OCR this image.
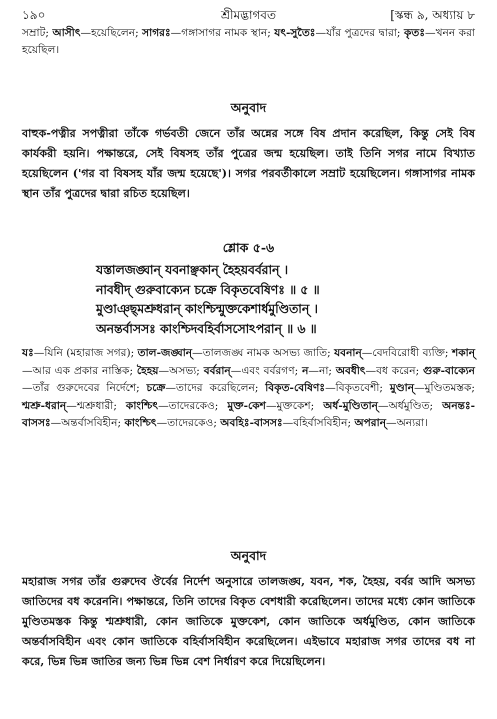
১৯০	শ্রীমদ্ভাগবত	[স্কন্ধ ৯, অধ্যায় ৮
সম্রাট; আসীৎ—হয়েছিলেন; সাগরঃ—গঙ্গাসাগর নামক স্থান; যৎ-সুতৈঃ—যাঁর পুত্রদের দ্বারা; কৃতঃ—খনন করা হয়েছিল।
অনুবাদ
বাহুক-পত্নীর সপত্নীরা তাঁকে গর্ভবতী জেনে তাঁর অন্নের সঙ্গে বিষ প্রদান করেছিল, কিন্তু সেই বিষ কার্যকরী হয়নি। পক্ষান্তরে, সেই বিষসহ তাঁর পুত্রের জন্ম হয়েছিল। তাই তিনি সগর নামে বিখ্যাত হয়েছিলেন ('গর বা বিষসহ যাঁর জন্ম হয়েছে')। সগর পরবর্তীকালে সম্রাট হয়েছিলেন। গঙ্গাসাগর নামক স্থান তাঁর পুত্রদের দ্বারা রচিত হয়েছিল।
শ্লোক ৫-৬
যস্তালজঙ্ঘান্ যবনাঞ্ছকান্ হৈহয়বর্বরান্ ।
নাবধীদ্ গুরুবাক্যেন চক্রে বিকৃতবেষিণঃ ॥ ৫ ॥
মুণ্ডাঞ্ছ্মশ্রুধরান্ কাংশ্চিন্মুক্তকেশার্ধমুণ্ডিতান্ ।
অনন্তর্বাসসঃ কাংশ্চিদবহির্বাসসোঽপরান্ ॥ ৬ ॥
যঃ—যিনি (মহারাজ সগর); তাল-জঙ্ঘান্—তালজঙ্ঘ নামক অসভ্য জাতি; যবনান্—বেদবিরোধী ব্যক্তি; শকান্—আর এক প্রকার নাস্তিক; হৈহয়—অসভ্য; বর্বরান্—এবং বর্বরগণ; ন—না; অবধীৎ—বধ করেন; গুরু-বাক্যেন—তাঁর গুরুদেবের নির্দেশে; চক্রে—তাদের করেছিলেন; বিকৃত-বেষিণঃ—বিকৃতবেশী; মুণ্ডান্—মুণ্ডিতমস্তক; শ্মশ্রু-ধরান্—শ্মশ্রুধারী; কাংশ্চিৎ—তাদেরকেও; মুক্ত-কেশ—মুক্তকেশ; অর্ধ-মুণ্ডিতান্—অর্ধমুণ্ডিত; অনন্তঃ-বাসসঃ—অন্তর্বাসবিহীন; কাংশ্চিৎ—তাদেরকেও; অবহিঃ-বাসসঃ—বহির্বাসবিহীন; অপরান্—অন্যরা।
অনুবাদ
মহারাজ সগর তাঁর গুরুদেব ঔর্বের নির্দেশ অনুসারে তালজঙ্ঘ, যবন, শক, হৈহয়, বর্বর আদি অসভ্য জাতিদের বধ করেননি। পক্ষান্তরে, তিনি তাদের বিকৃত বেশধারী করেছিলেন। তাদের মধ্যে কোন জাতিকে মুণ্ডিতমস্তক কিন্তু শ্মশ্রুধারী, কোন জাতিকে মুক্তকেশ, কোন জাতিকে অর্ধমুণ্ডিত, কোন জাতিকে অন্তর্বাসবিহীন এবং কোন জাতিকে বহির্বাসবিহীন করেছিলেন। এইভাবে মহারাজ সগর তাদের বধ না করে, ভিন্ন ভিন্ন জাতির জন্য ভিন্ন ভিন্ন বেশ নির্ধারণ করে দিয়েছিলেন।
